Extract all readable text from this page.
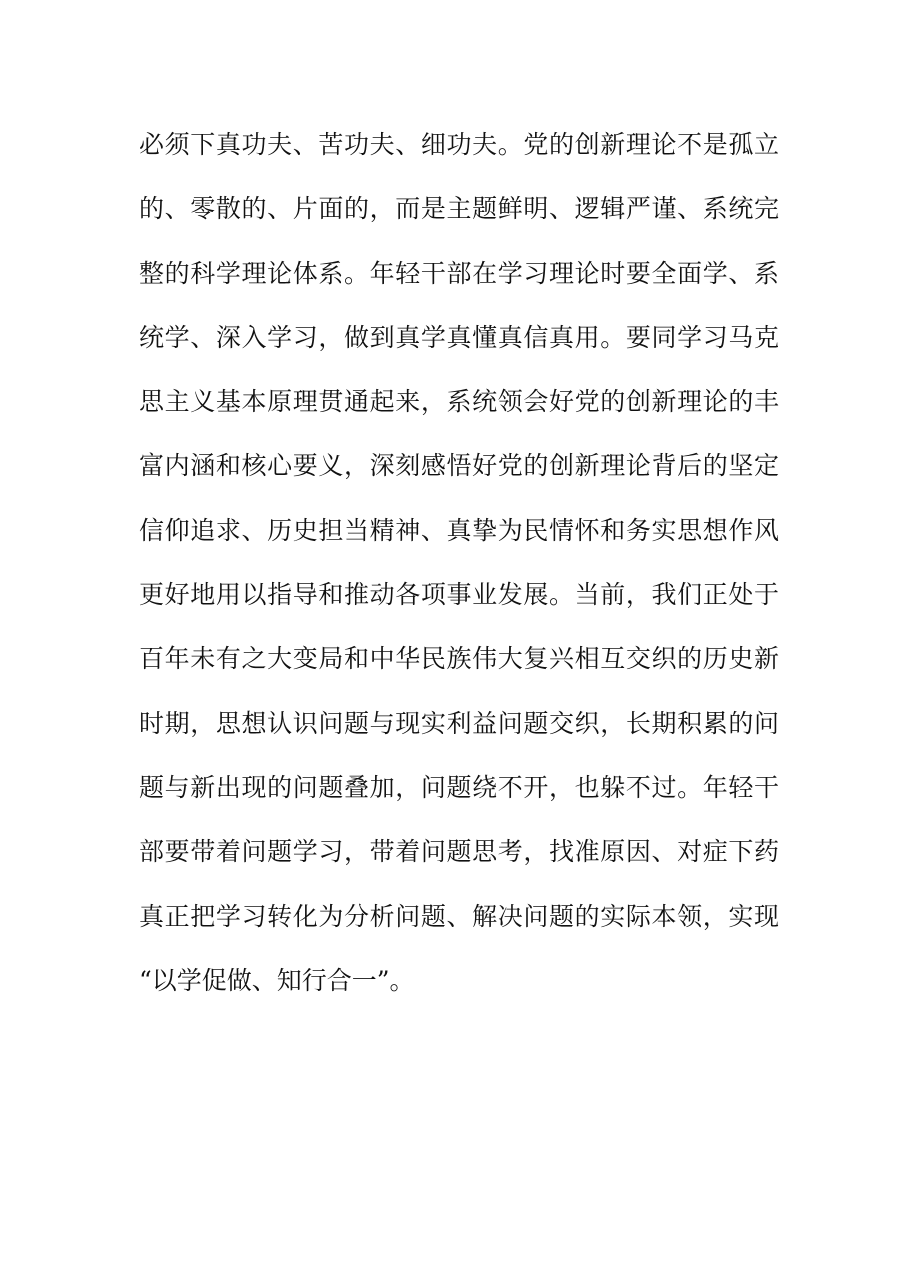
必须下真功夫、苦功夫、细功夫。党的创新理论不是孤立
的、零散的、片面的，而是主题鲜明、逻辑严谨、系统完
整的科学理论体系。年轻干部在学习理论时要全面学、系
统学、深入学习，做到真学真懂真信真用。要同学习马克
思主义基本原理贯通起来，系统领会好党的创新理论的丰
富内涵和核心要义，深刻感悟好党的创新理论背后的坚定
信仰追求、历史担当精神、真挚为民情怀和务实思想作风
更好地用以指导和推动各项事业发展。当前，我们正处于
百年未有之大变局和中华民族伟大复兴相互交织的历史新
时期，思想认识问题与现实利益问题交织，长期积累的问
题与新出现的问题叠加，问题绕不开，也躲不过。年轻干
部要带着问题学习，带着问题思考，找准原因、对症下药
真正把学习转化为分析问题、解决问题的实际本领，实现
“以学促做、知行合一”。
